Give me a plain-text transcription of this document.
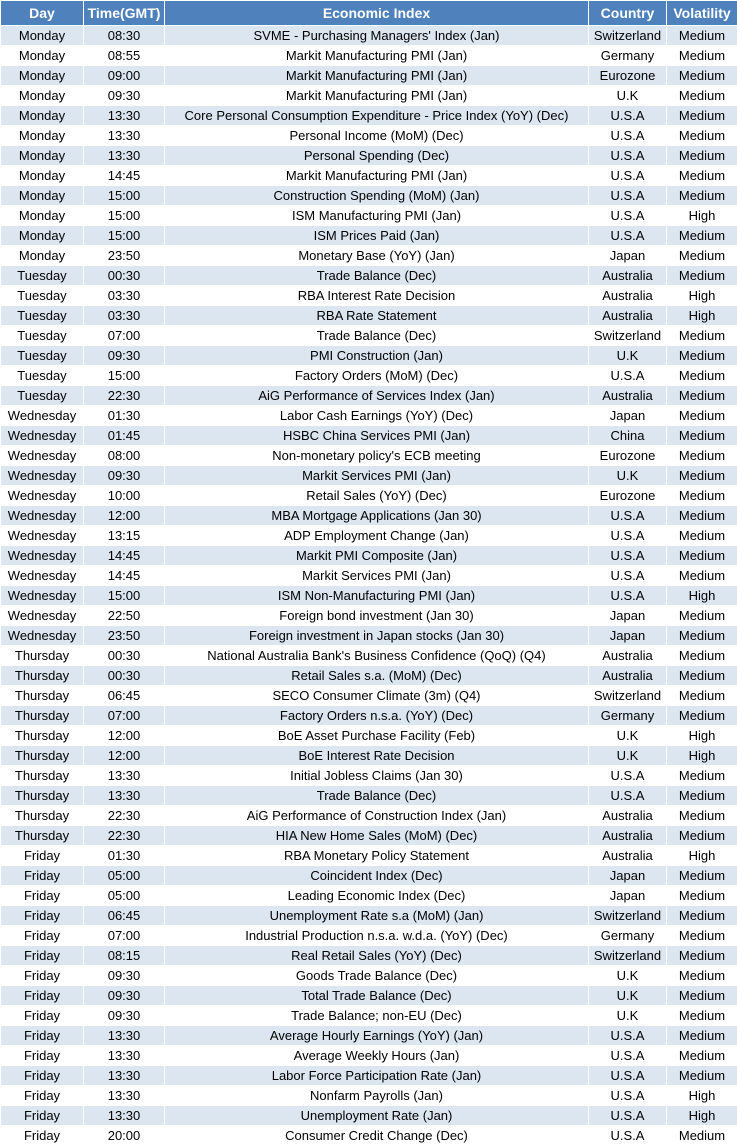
Day	Time(GMT)	Economic Index	Country	Volatility
Monday	08:30	SVME - Purchasing Managers' Index (Jan)	Switzerland	Medium
Monday	08:55	Markit Manufacturing PMI (Jan)	Germany	Medium
Monday	09:00	Markit Manufacturing PMI (Jan)	Eurozone	Medium
Monday	09:30	Markit Manufacturing PMI (Jan)	U.K	Medium
Monday	13:30	Core Personal Consumption Expenditure - Price Index (YoY) (Dec)	U.S.A	Medium
Monday	13:30	Personal Income (MoM) (Dec)	U.S.A	Medium
Monday	13:30	Personal Spending (Dec)	U.S.A	Medium
Monday	14:45	Markit Manufacturing PMI (Jan)	U.S.A	Medium
Monday	15:00	Construction Spending (MoM) (Jan)	U.S.A	Medium
Monday	15:00	ISM Manufacturing PMI (Jan)	U.S.A	High
Monday	15:00	ISM Prices Paid (Jan)	U.S.A	Medium
Monday	23:50	Monetary Base (YoY) (Jan)	Japan	Medium
Tuesday	00:30	Trade Balance (Dec)	Australia	Medium
Tuesday	03:30	RBA Interest Rate Decision	Australia	High
Tuesday	03:30	RBA Rate Statement	Australia	High
Tuesday	07:00	Trade Balance (Dec)	Switzerland	Medium
Tuesday	09:30	PMI Construction (Jan)	U.K	Medium
Tuesday	15:00	Factory Orders (MoM) (Dec)	U.S.A	Medium
Tuesday	22:30	AiG Performance of Services Index (Jan)	Australia	Medium
Wednesday	01:30	Labor Cash Earnings (YoY) (Dec)	Japan	Medium
Wednesday	01:45	HSBC China Services PMI (Jan)	China	Medium
Wednesday	08:00	Non-monetary policy's ECB meeting	Eurozone	Medium
Wednesday	09:30	Markit Services PMI (Jan)	U.K	Medium
Wednesday	10:00	Retail Sales (YoY) (Dec)	Eurozone	Medium
Wednesday	12:00	MBA Mortgage Applications (Jan 30)	U.S.A	Medium
Wednesday	13:15	ADP Employment Change (Jan)	U.S.A	Medium
Wednesday	14:45	Markit PMI Composite (Jan)	U.S.A	Medium
Wednesday	14:45	Markit Services PMI (Jan)	U.S.A	Medium
Wednesday	15:00	ISM Non-Manufacturing PMI (Jan)	U.S.A	High
Wednesday	22:50	Foreign bond investment (Jan 30)	Japan	Medium
Wednesday	23:50	Foreign investment in Japan stocks (Jan 30)	Japan	Medium
Thursday	00:30	National Australia Bank's Business Confidence (QoQ) (Q4)	Australia	Medium
Thursday	00:30	Retail Sales s.a. (MoM) (Dec)	Australia	Medium
Thursday	06:45	SECO Consumer Climate (3m) (Q4)	Switzerland	Medium
Thursday	07:00	Factory Orders n.s.a. (YoY) (Dec)	Germany	Medium
Thursday	12:00	BoE Asset Purchase Facility (Feb)	U.K	High
Thursday	12:00	BoE Interest Rate Decision	U.K	High
Thursday	13:30	Initial Jobless Claims (Jan 30)	U.S.A	Medium
Thursday	13:30	Trade Balance (Dec)	U.S.A	Medium
Thursday	22:30	AiG Performance of Construction Index (Jan)	Australia	Medium
Thursday	22:30	HIA New Home Sales (MoM) (Dec)	Australia	Medium
Friday	01:30	RBA Monetary Policy Statement	Australia	High
Friday	05:00	Coincident Index (Dec)	Japan	Medium
Friday	05:00	Leading Economic Index (Dec)	Japan	Medium
Friday	06:45	Unemployment Rate s.a (MoM) (Jan)	Switzerland	Medium
Friday	07:00	Industrial Production n.s.a. w.d.a. (YoY) (Dec)	Germany	Medium
Friday	08:15	Real Retail Sales (YoY) (Dec)	Switzerland	Medium
Friday	09:30	Goods Trade Balance (Dec)	U.K	Medium
Friday	09:30	Total Trade Balance (Dec)	U.K	Medium
Friday	09:30	Trade Balance; non-EU (Dec)	U.K	Medium
Friday	13:30	Average Hourly Earnings (YoY) (Jan)	U.S.A	Medium
Friday	13:30	Average Weekly Hours (Jan)	U.S.A	Medium
Friday	13:30	Labor Force Participation Rate (Jan)	U.S.A	Medium
Friday	13:30	Nonfarm Payrolls (Jan)	U.S.A	High
Friday	13:30	Unemployment Rate (Jan)	U.S.A	High
Friday	20:00	Consumer Credit Change (Dec)	U.S.A	Medium
